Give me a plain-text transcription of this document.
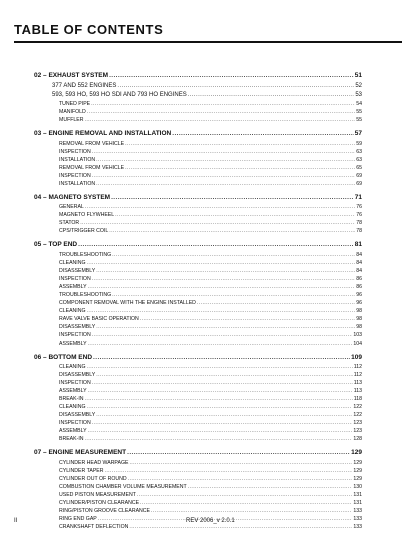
TABLE OF CONTENTS
02 – EXHAUST SYSTEM .....	51
377 AND 552 ENGINES .....	52
593, 593 HO, 593 HO SDI AND 793 HO ENGINES .....	53
TUNED PIPE .....	54
MANIFOLD .....	55
MUFFLER .....	55
03 – ENGINE REMOVAL AND INSTALLATION .....	57
REMOVAL FROM VEHICLE .....	59
INSPECTION .....	63
INSTALLATION .....	63
REMOVAL FROM VEHICLE .....	65
INSPECTION .....	69
INSTALLATION .....	69
04 – MAGNETO SYSTEM .....	71
GENERAL .....	76
MAGNETO FLYWHEEL .....	76
STATOR .....	78
CPS/TRIGGER COIL .....	78
05 – TOP END .....	81
TROUBLESHOOTING .....	84
CLEANING .....	84
DISASSEMBLY .....	84
INSPECTION .....	86
ASSEMBLY .....	86
TROUBLESHOOTING .....	96
COMPONENT REMOVAL WITH THE ENGINE INSTALLED .....	96
CLEANING .....	98
RAVE VALVE BASIC OPERATION .....	98
DISASSEMBLY .....	98
INSPECTION .....	103
ASSEMBLY .....	104
06 – BOTTOM END .....	109
CLEANING .....	112
DISASSEMBLY .....	112
INSPECTION .....	113
ASSEMBLY .....	113
BREAK-IN .....	118
CLEANING .....	122
DISASSEMBLY .....	122
INSPECTION .....	123
ASSEMBLY .....	123
BREAK-IN .....	128
07 – ENGINE MEASUREMENT .....	129
CYLINDER HEAD WARPAGE .....	129
CYLINDER TAPER .....	129
CYLINDER OUT OF ROUND .....	129
COMBUSTION CHAMBER VOLUME MEASUREMENT .....	130
USED PISTON MEASUREMENT .....	131
CYLINDER/PISTON CLEARANCE .....	131
RING/PISTON GROOVE CLEARANCE .....	133
RING END GAP .....	133
CRANKSHAFT DEFLECTION .....	133
II	REV 2006_v 2.0.1
